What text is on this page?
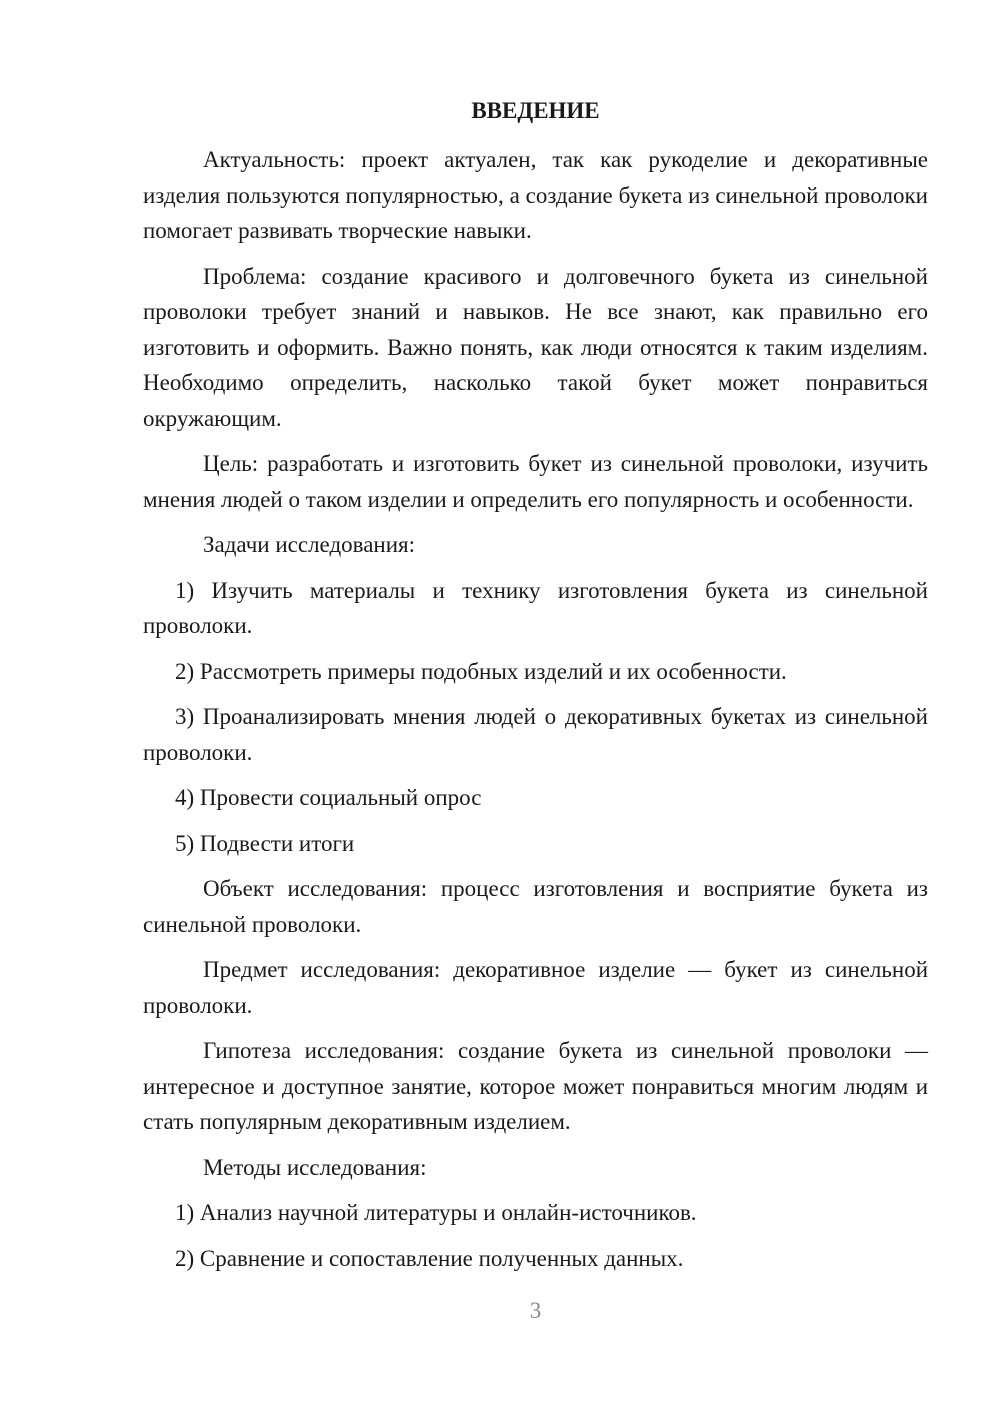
ВВЕДЕНИЕ

Актуальность: проект актуален, так как рукоделие и декоративные изделия пользуются популярностью, а создание букета из синельной проволоки помогает развивать творческие навыки.

Проблема: создание красивого и долговечного букета из синельной проволоки требует знаний и навыков. Не все знают, как правильно его изготовить и оформить. Важно понять, как люди относятся к таким изделиям. Необходимо определить, насколько такой букет может понравиться окружающим.

Цель: разработать и изготовить букет из синельной проволоки, изучить мнения людей о таком изделии и определить его популярность и особенности.

Задачи исследования:

1) Изучить материалы и технику изготовления букета из синельной проволоки.

2) Рассмотреть примеры подобных изделий и их особенности.

3) Проанализировать мнения людей о декоративных букетах из синельной проволоки.

4) Провести социальный опрос

5) Подвести итоги

Объект исследования: процесс изготовления и восприятие букета из синельной проволоки.

Предмет исследования: декоративное изделие — букет из синельной проволоки.

Гипотеза исследования: создание букета из синельной проволоки — интересное и доступное занятие, которое может понравиться многим людям и стать популярным декоративным изделием.

Методы исследования:

1) Анализ научной литературы и онлайн-источников.

2) Сравнение и сопоставление полученных данных.

3
